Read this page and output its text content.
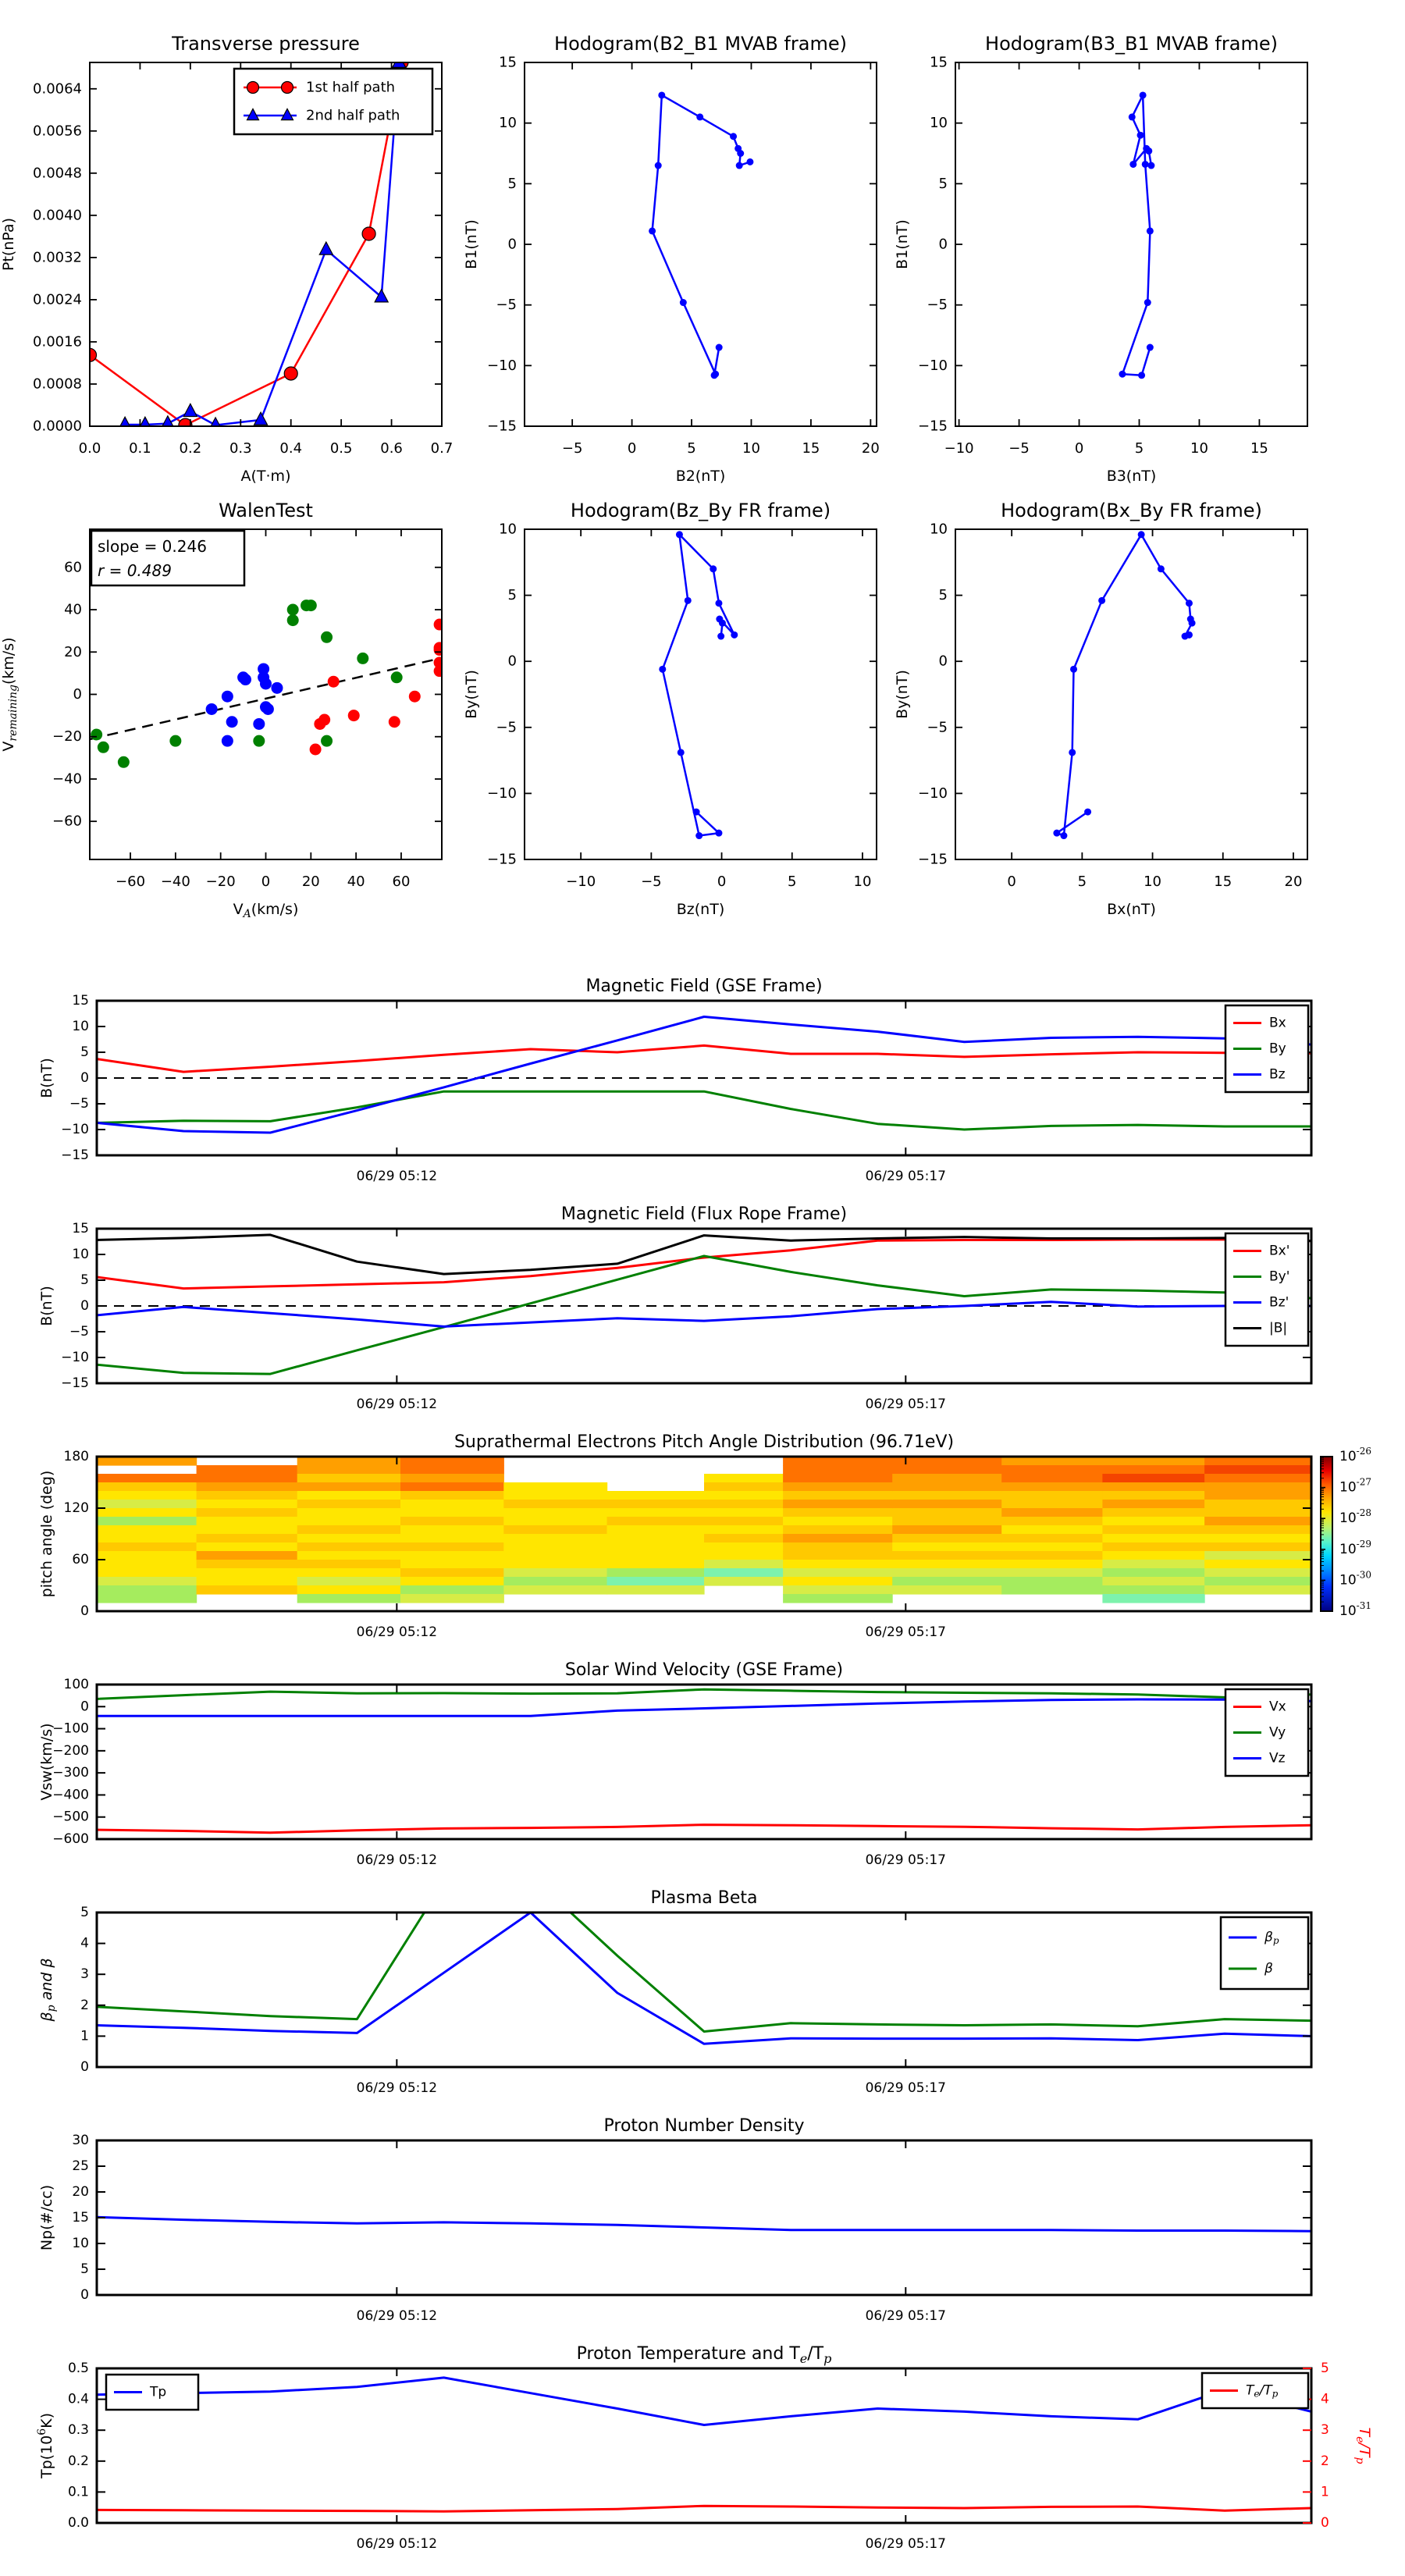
0.0 0.1 0.2 0.3 0.4 0.5 0.6 0.7
0.0000
0.0008
0.0016
0.0024
0.0032
0.0040
0.0048
0.0056
0.0064
Transverse pressure
A(T·m)
Pt(nPa)
1st half path
2nd half path
−5	0	5	10	15	20
−15
−10
−5
0
5
10
15
Hodogram(B2_B1 MVAB frame)
B2(nT)
B1(nT)
−10 −5	0	5	10	15
−15
−10
−5
0
5
10
15
Hodogram(B3_B1 MVAB frame)
B3(nT)
B1(nT)
−60 −40 −20 0 20 40 60
−60
−40
−20
0
20
40
60
WalenTest
$V_A(km/s)$
$V_{remaining}(km/s)$
slope = 0.246
r = 0.489
−10	−5	0	5	10
−15
−10
−5
0
5
10
Hodogram(Bz_By FR frame)
Bz(nT)
By(nT)
0	5	10	15	20
−15
−10
−5
0
5
10
Hodogram(Bx_By FR frame)
Bx(nT)
By(nT)
−15
−10
−5
0
5
10
15
06/29 05:12	06/29 05:17
Magnetic Field (GSE Frame)
B(nT)
Bx
By
Bz
−15
−10
−5
0
5
10
15
06/29 05:12	06/29 05:17
Magnetic Field (Flux Rope Frame)
B(nT)
Bx'
By'
Bz'
|B|
0
60
120
180
06/29 05:12	06/29 05:17
Suprathermal Electrons Pitch Angle Distribution (96.71eV)
pitch angle (deg)
$10^{-26}$
$10^{-27}$
$10^{-28}$
$10^{-29}$
$10^{-30}$
$10^{-31}$
−600
−500
−400
−300
−200
−100
0
100
06/29 05:12	06/29 05:17
Solar Wind Velocity (GSE Frame)
Vsw(km/s)
Vx
Vy
Vz
0
1
2
3
4
5
06/29 05:12	06/29 05:17
Plasma Beta
$\beta_p$ and β
$\beta_p$
β
0
5
10
15
20
25
30
06/29 05:12	06/29 05:17
Proton Number Density
Np(#/cc)
0.0
0.1
0.2
0.3
0.4
0.5
0
1
2
3
4
5
$T_e/T_p$
06/29 05:12	06/29 05:17
Proton Temperature and $T_e/T_p$
$Tp(10^6K)$
$T_e/T_p$
Tp
